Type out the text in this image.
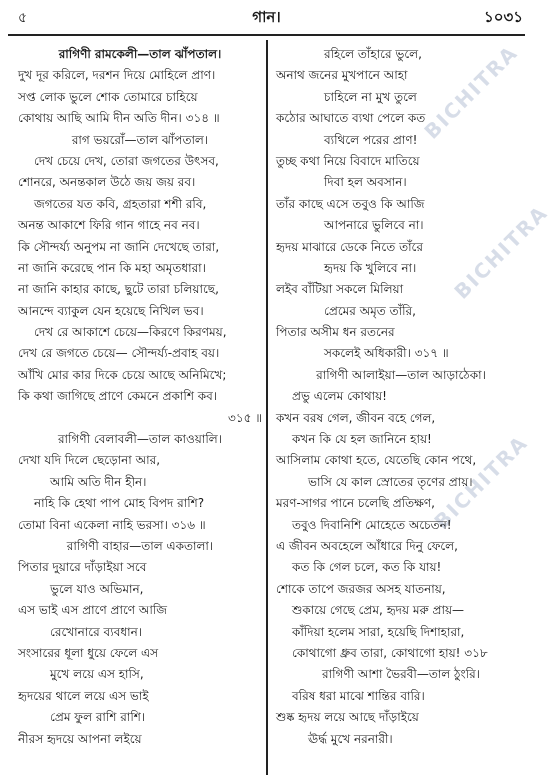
৫	গান।	১০৩১
BICHITRA
BICHITRA
BICHITRA
রাগিণী রামকেলী—তাল ঝাঁপতাল।
দুখ দূর করিলে, দরশন দিয়ে মোহিলে প্রাণ।
সপ্ত লোক ভুলে শোক তোমারে চাহিয়ে
কোথায় আছি আমি দীন অতি দীন। ৩১৪ ॥
রাগ ভয়রোঁ—তাল ঝাঁপতাল।
দেখ চেয়ে দেখ, তোরা জগতের উৎসব,
শোনরে, অনন্তকাল উঠে জয় জয় রব।
জগতের যত কবি, গ্রহতারা শশী রবি,
অনন্ত আকাশে ফিরি গান গাহে নব নব।
কি সৌন্দর্য্য অনুপম না জানি দেখেছে তারা,
না জানি করেছে পান কি মহা অমৃতধারা।
না জানি কাহার কাছে, ছুটে তারা চলিয়াছে,
আনন্দে ব্যাকুল যেন হয়েছে নিখিল ভব।
দেখ রে আকাশে চেয়ে—কিরণে কিরণময়,
দেখ রে জগতে চেয়ে— সৌন্দর্য্য-প্রবাহ বয়।
আঁখি মোর কার দিকে চেয়ে আছে অনিমিখে;
কি কথা জাগিছে প্রাণে কেমনে প্রকাশি কব।
৩১৫ ॥
রাগিণী বেলাবলী—তাল কাওয়ালি।
দেখা যদি দিলে ছেড়োনা আর,
আমি অতি দীন হীন।
নাহি কি হেথা পাপ মোহ বিপদ রাশি?
তোমা বিনা একেলা নাহি ভরসা। ৩১৬ ॥
রাগিণী বাহার—তাল একতালা।
পিতার দুয়ারে দাঁড়াইয়া সবে
ভুলে যাও অভিমান,
এস ভাই এস প্রাণে প্রাণে আজি
রেখোনারে ব্যবধান।
সংসারের ধূলা ধুয়ে ফেলে এস
মুখে লয়ে এস হাসি,
হৃদয়ের থালে লয়ে এস ভাই
প্রেম ফুল রাশি রাশি।
নীরস হৃদয়ে আপনা লইয়ে
রহিলে তাঁহারে ভুলে,
অনাথ জনের মুখপানে আহা
চাহিলে না মুখ তুলে
কঠোর আঘাতে ব্যথা পেলে কত
ব্যথিলে পরের প্রাণ!
তুচ্ছ কথা নিয়ে বিবাদে মাতিয়ে
দিবা হল অবসান।
তাঁর কাছে এসে তবুও কি আজি
আপনারে ভুলিবে না।
হৃদয় মাঝারে ডেকে নিতে তাঁরে
হৃদয় কি খুলিবে না।
লইব বাঁটিয়া সকলে মিলিয়া
প্রেমের অমৃত তাঁরি,
পিতার অসীম ধন রতনের
সকলেই অধিকারী। ৩১৭ ॥
রাগিণী আলাইয়া—তাল আড়াঠেকা।
প্রভু এলেম কোথায়!
কখন বরষ গেল, জীবন বহে গেল,
কখন কি যে হল জানিনে হায়!
আসিলাম কোথা হতে, যেতেছি কোন পথে,
ভাসি যে কাল স্রোতের তৃণের প্রায়।
মরণ-সাগর পানে চলেছি প্রতিক্ষণ,
তবুও দিবানিশি মোহেতে অচেতন!
এ জীবন অবহেলে আঁধারে দিনু ফেলে,
কত কি গেল চলে, কত কি যায়!
শোকে তাপে জরজর অসহ যাতনায়,
শুকায়ে গেছে প্রেম, হৃদয় মরু প্রায়—
কাঁদিয়া হলেম সারা, হয়েছি দিশাহারা,
কোথাগো ধ্রুব তারা, কোথাগো হায়! ৩১৮
রাগিণী আশা ভৈরবী—তাল ঠুংরি।
বরিষ ধরা মাঝে শান্তির বারি।
শুষ্ক হৃদয় লয়ে আছে দাঁড়াইয়ে
ঊর্দ্ধ মুখে নরনারী।
